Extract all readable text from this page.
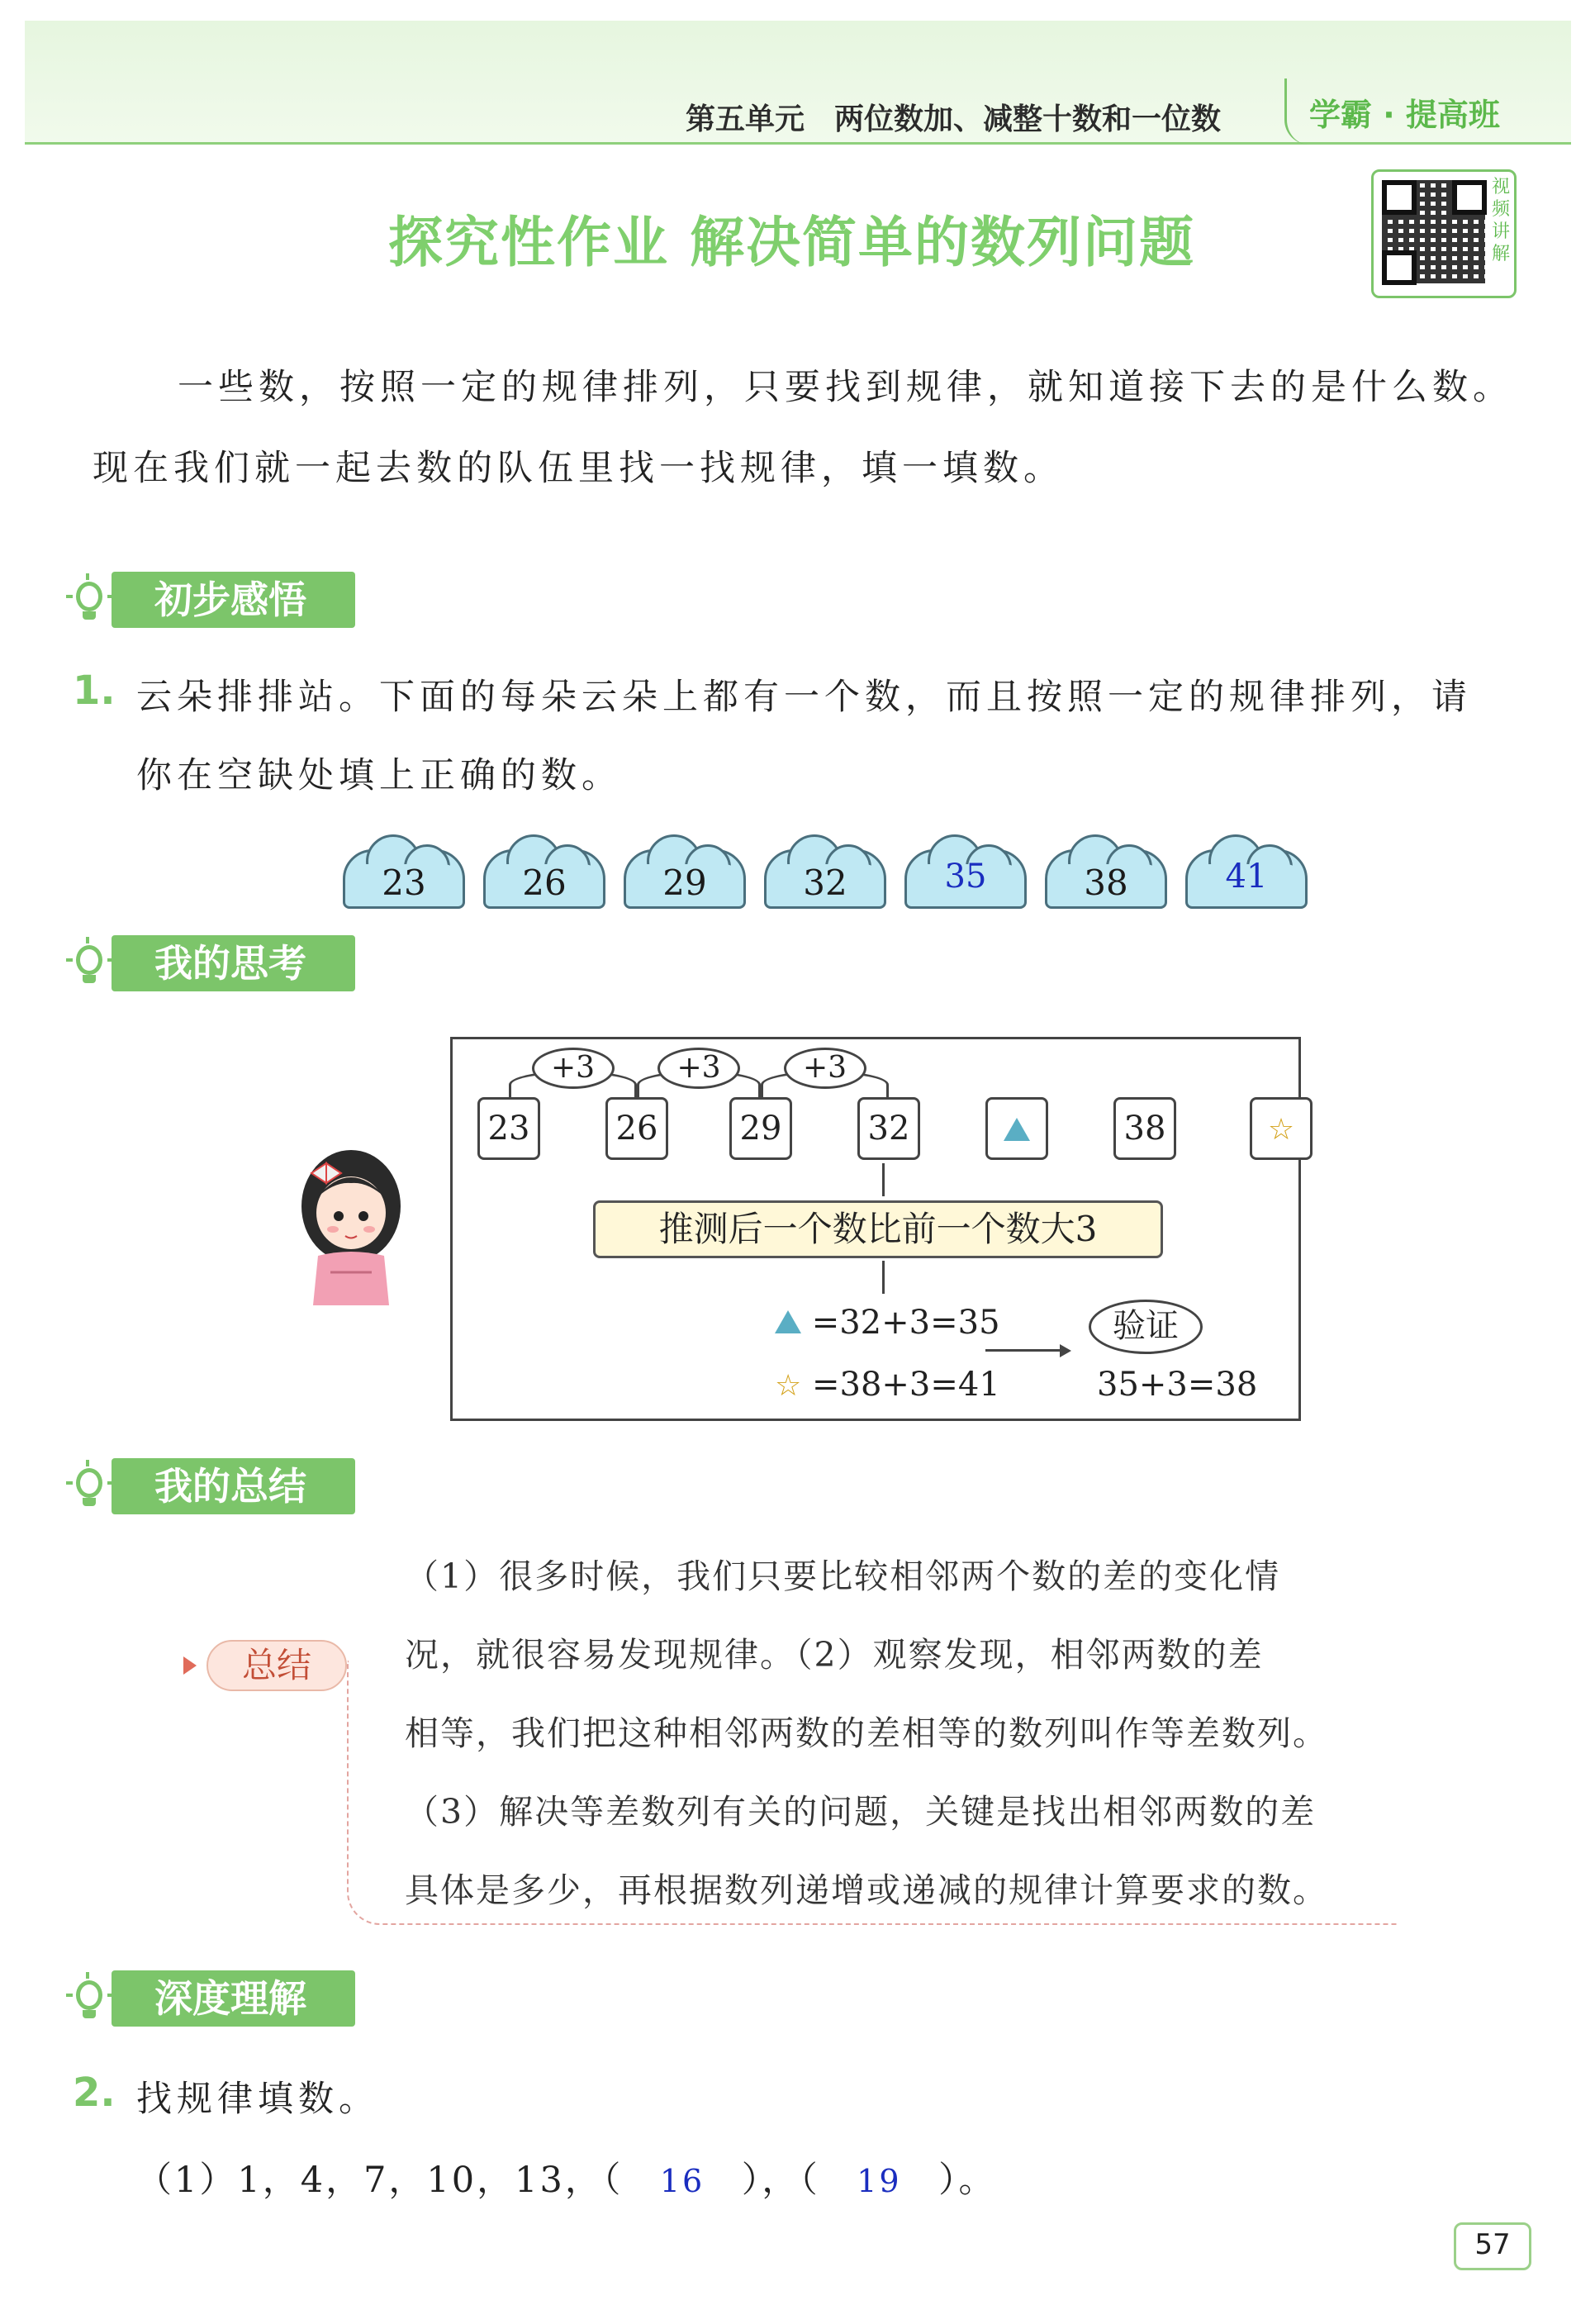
第五单元　两位数加、减整十数和一位数	学霸 · 提高班
探究性作业 解决简单的数列问题
视频讲解
一些数，按照一定的规律排列，只要找到规律，就知道接下去的是什么数。
现在我们就一起去数的队伍里找一找规律，填一填数。
初步感悟
1. 云朵排排站。下面的每朵云朵上都有一个数，而且按照一定的规律排列，请
你在空缺处填上正确的数。
23	26	29	32	35	38	41
我的思考
23	26	29	32	38	☆
+3	+3	+3
推测后一个数比前一个数大3
=32+3=35
☆ =38+3=41
验证
35+3=38
我的总结
总结
（1）很多时候，我们只要比较相邻两个数的差的变化情
况，就很容易发现规律。（2）观察发现，相邻两数的差
相等，我们把这种相邻两数的差相等的数列叫作等差数列。
（3）解决等差数列有关的问题，关键是找出相邻两数的差
具体是多少，再根据数列递增或递减的规律计算要求的数。
深度理解
2. 找规律填数。
（1）1，4，7，10，13，（ 16 ），（ 19 ）。
57
